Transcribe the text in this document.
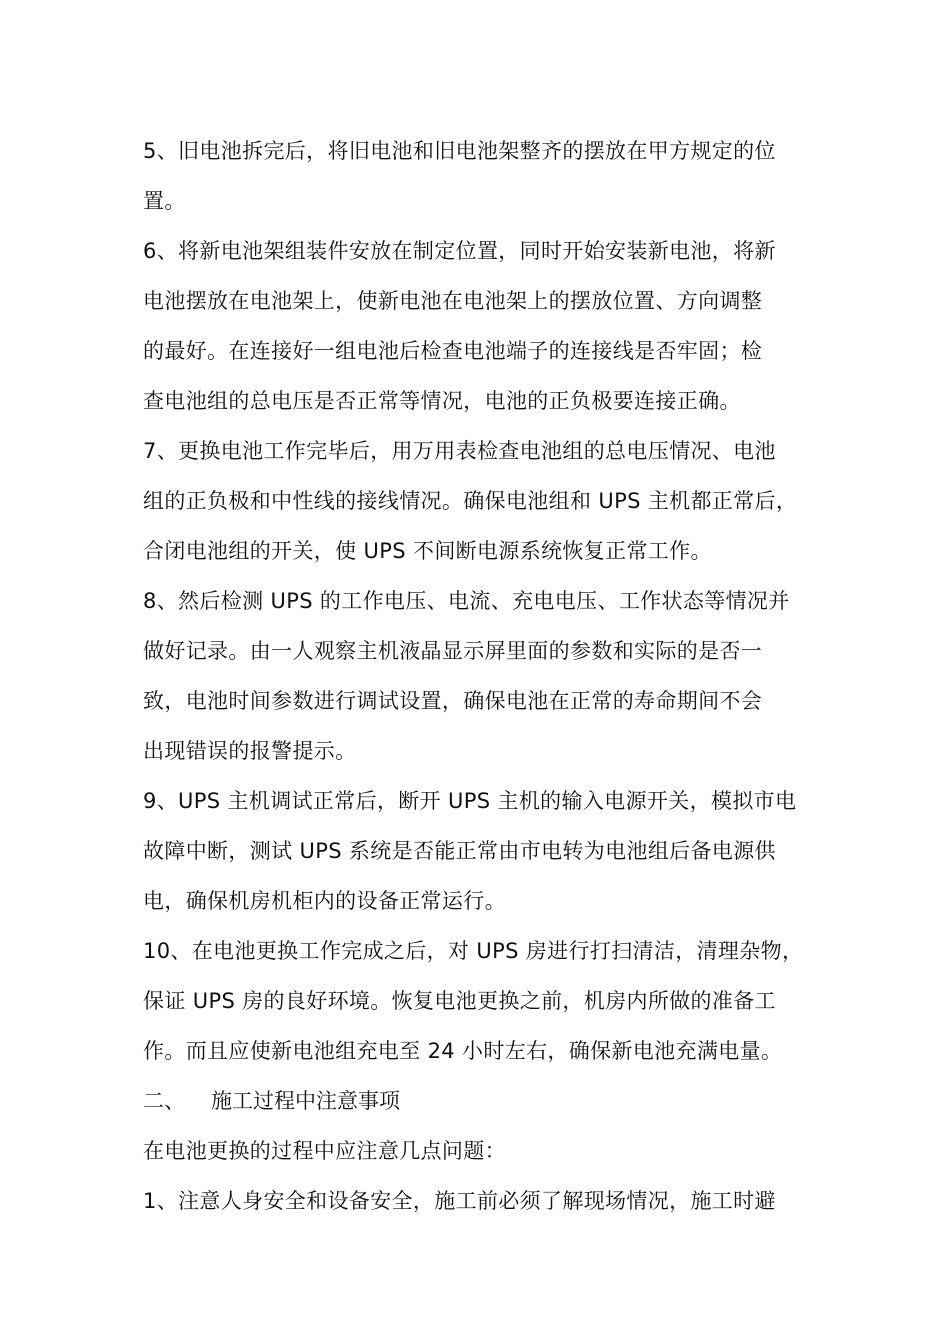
5、旧电池拆完后，将旧电池和旧电池架整齐的摆放在甲方规定的位
置。
6、将新电池架组装件安放在制定位置，同时开始安装新电池，将新
电池摆放在电池架上，使新电池在电池架上的摆放位置、方向调整
的最好。在连接好一组电池后检查电池端子的连接线是否牢固；检
查电池组的总电压是否正常等情况，电池的正负极要连接正确。
7、更换电池工作完毕后，用万用表检查电池组的总电压情况、电池
组的正负极和中性线的接线情况。确保电池组和 UPS 主机都正常后，
合闭电池组的开关，使 UPS 不间断电源系统恢复正常工作。
8、然后检测 UPS 的工作电压、电流、充电电压、工作状态等情况并
做好记录。由一人观察主机液晶显示屏里面的参数和实际的是否一
致，电池时间参数进行调试设置，确保电池在正常的寿命期间不会
出现错误的报警提示。
9、UPS 主机调试正常后，断开 UPS 主机的输入电源开关，模拟市电
故障中断，测试 UPS 系统是否能正常由市电转为电池组后备电源供
电，确保机房机柜内的设备正常运行。
10、在电池更换工作完成之后，对 UPS 房进行打扫清洁，清理杂物，
保证 UPS 房的良好环境。恢复电池更换之前，机房内所做的准备工
作。而且应使新电池组充电至 24 小时左右，确保新电池充满电量。
二、 施工过程中注意事项
在电池更换的过程中应注意几点问题：
1、注意人身安全和设备安全，施工前必须了解现场情况，施工时避
